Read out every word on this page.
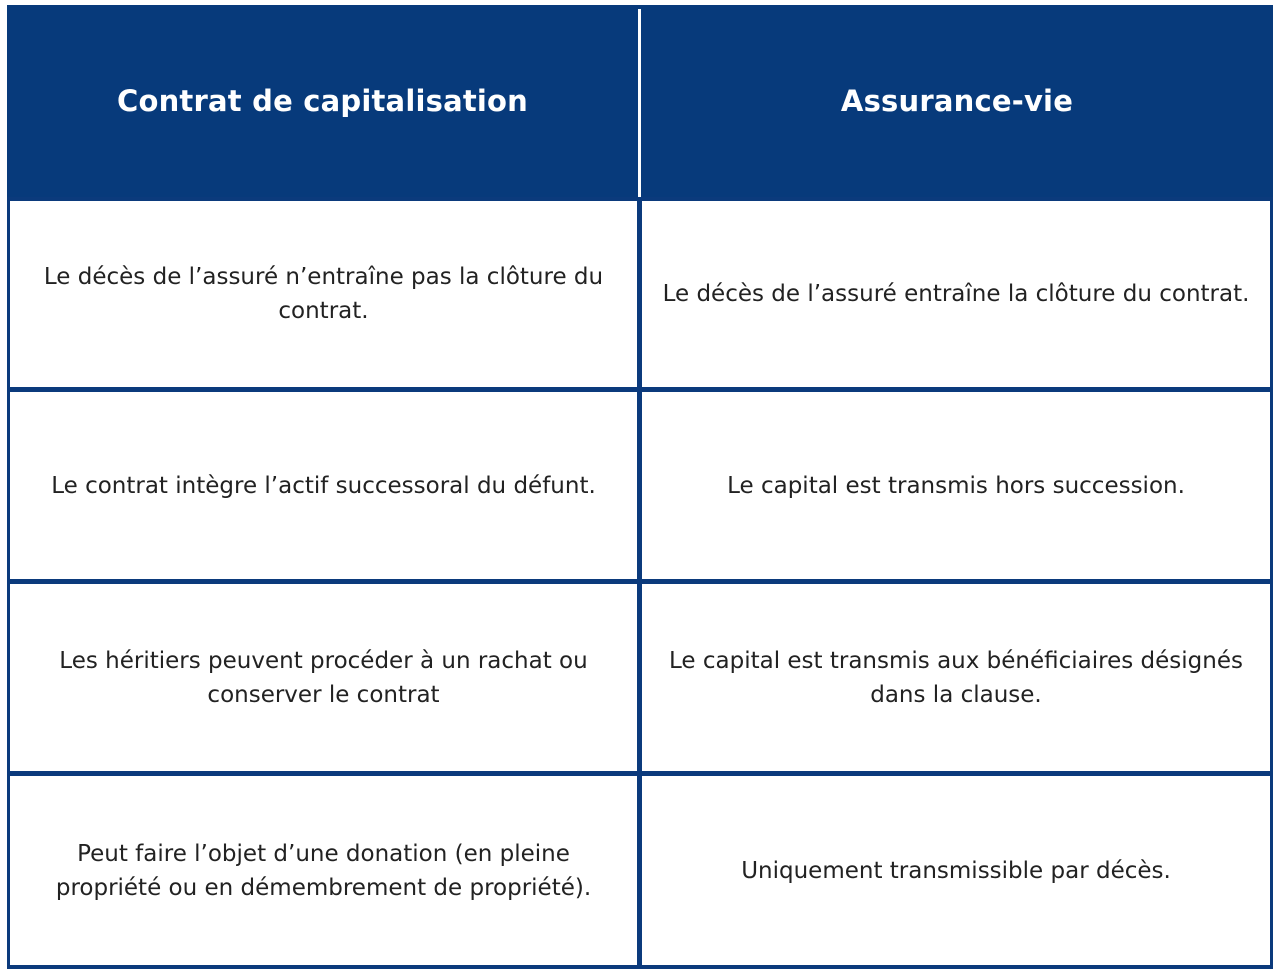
Contrat de capitalisation	Assurance-vie
Le décès de l’assuré n’entraîne pas la clôture du contrat.
Le décès de l’assuré entraîne la clôture du contrat.
Le contrat intègre l’actif successoral du défunt.	Le capital est transmis hors succession.
Les héritiers peuvent procéder à un rachat ou conserver le contrat
Le capital est transmis aux bénéficiaires désignés dans la clause.
Peut faire l’objet d’une donation (en pleine propriété ou en démembrement de propriété).
Uniquement transmissible par décès.
